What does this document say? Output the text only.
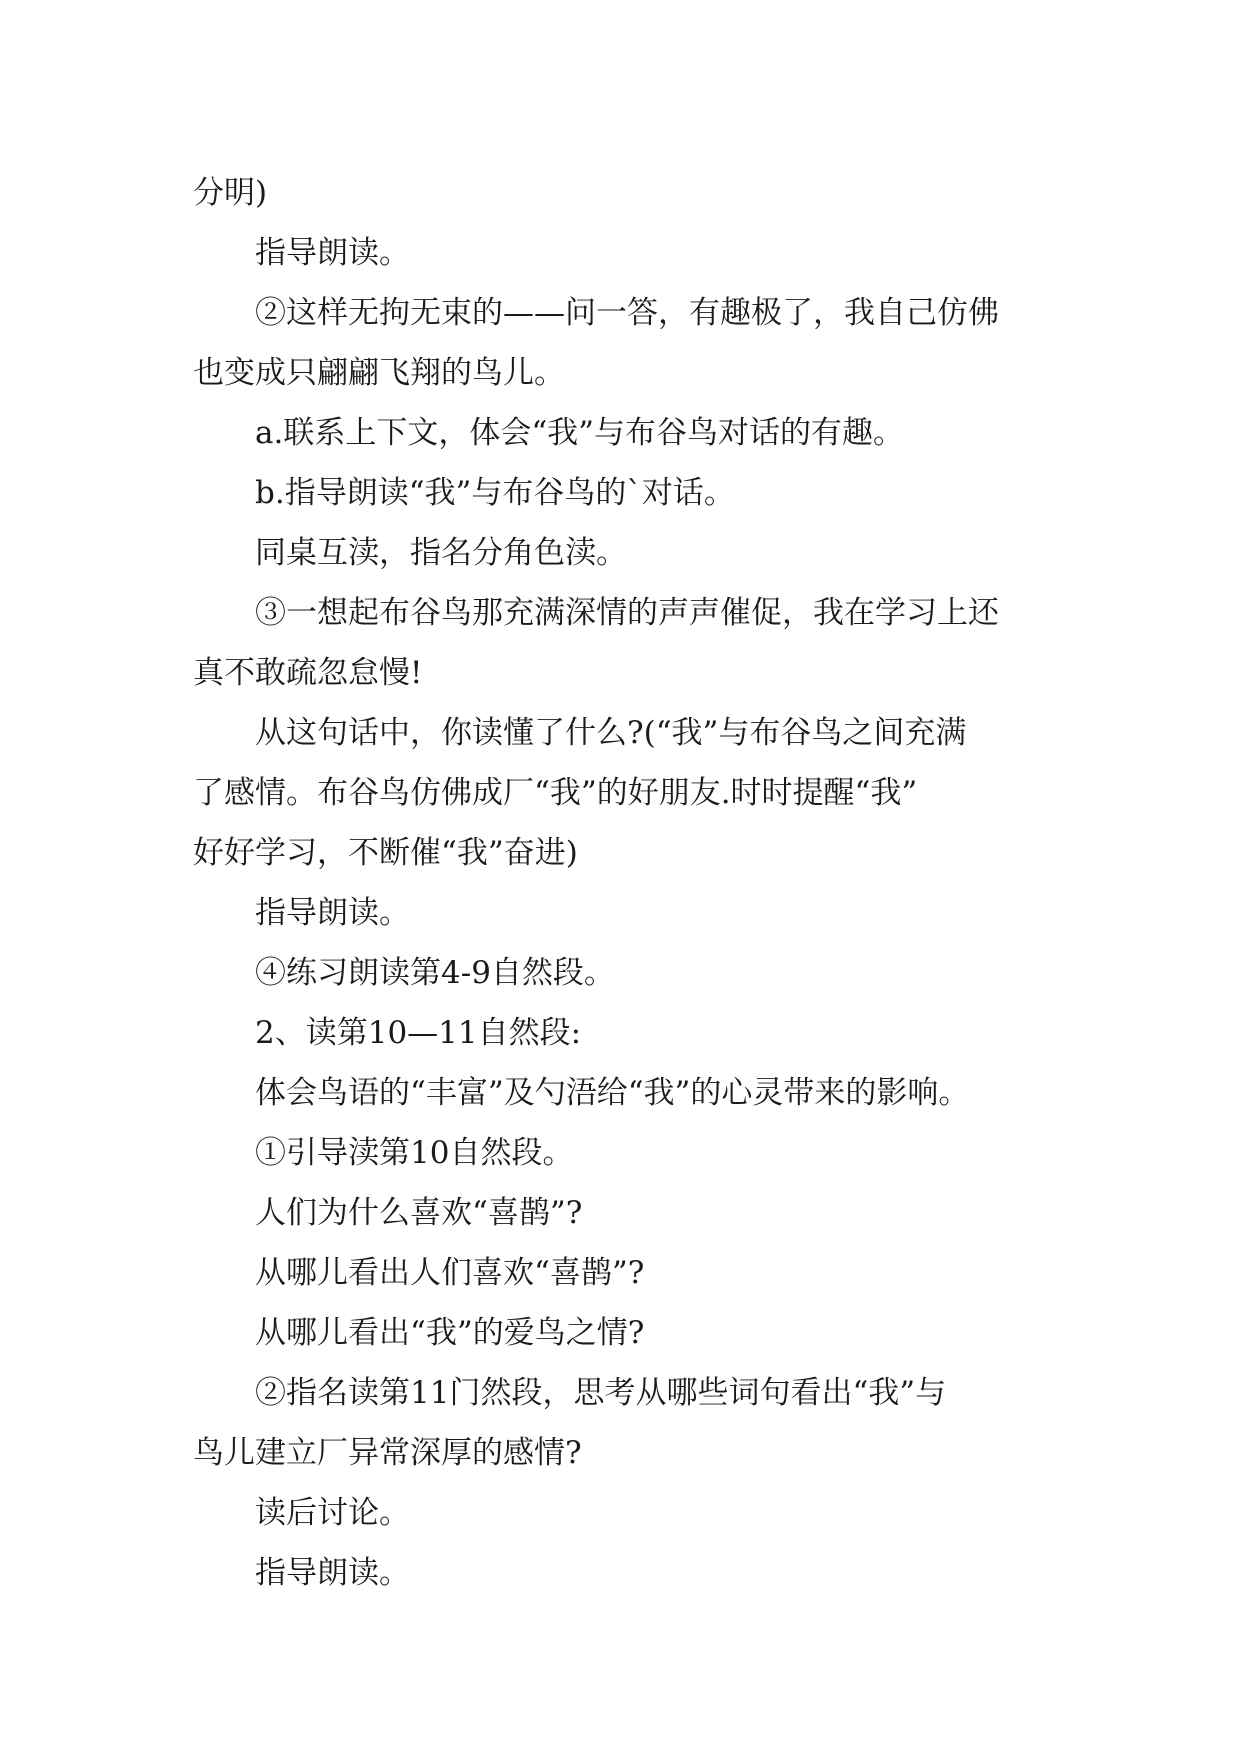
分明)
指导朗读。
②这样无拘无束的——问一答，有趣极了，我自己仿佛
也变成只翩翩飞翔的鸟儿。
a.联系上下文，体会“我”与布谷鸟对话的有趣。
b.指导朗读“我”与布谷鸟的`对话。
同桌互渎，指名分角色渎。
③一想起布谷鸟那充满深情的声声催促，我在学习上还
真不敢疏忽怠慢!
从这句话中，你读懂了什么?(“我”与布谷鸟之间充满
了感情。布谷鸟仿佛成厂“我”的好朋友.时时提醒“我”
好好学习，不断催“我”奋进)
指导朗读。
④练习朗读第4-9自然段。
2、读第10—11自然段:
体会鸟语的“丰富”及勺浯给“我”的心灵带来的影响。
①引导渎第10自然段。
人们为什么喜欢“喜鹊”?
从哪儿看出人们喜欢“喜鹊”?
从哪儿看出“我”的爱鸟之情?
②指名读第11门然段，思考从哪些词句看出“我”与
鸟儿建立厂异常深厚的感情?
读后讨论。
指导朗读。
